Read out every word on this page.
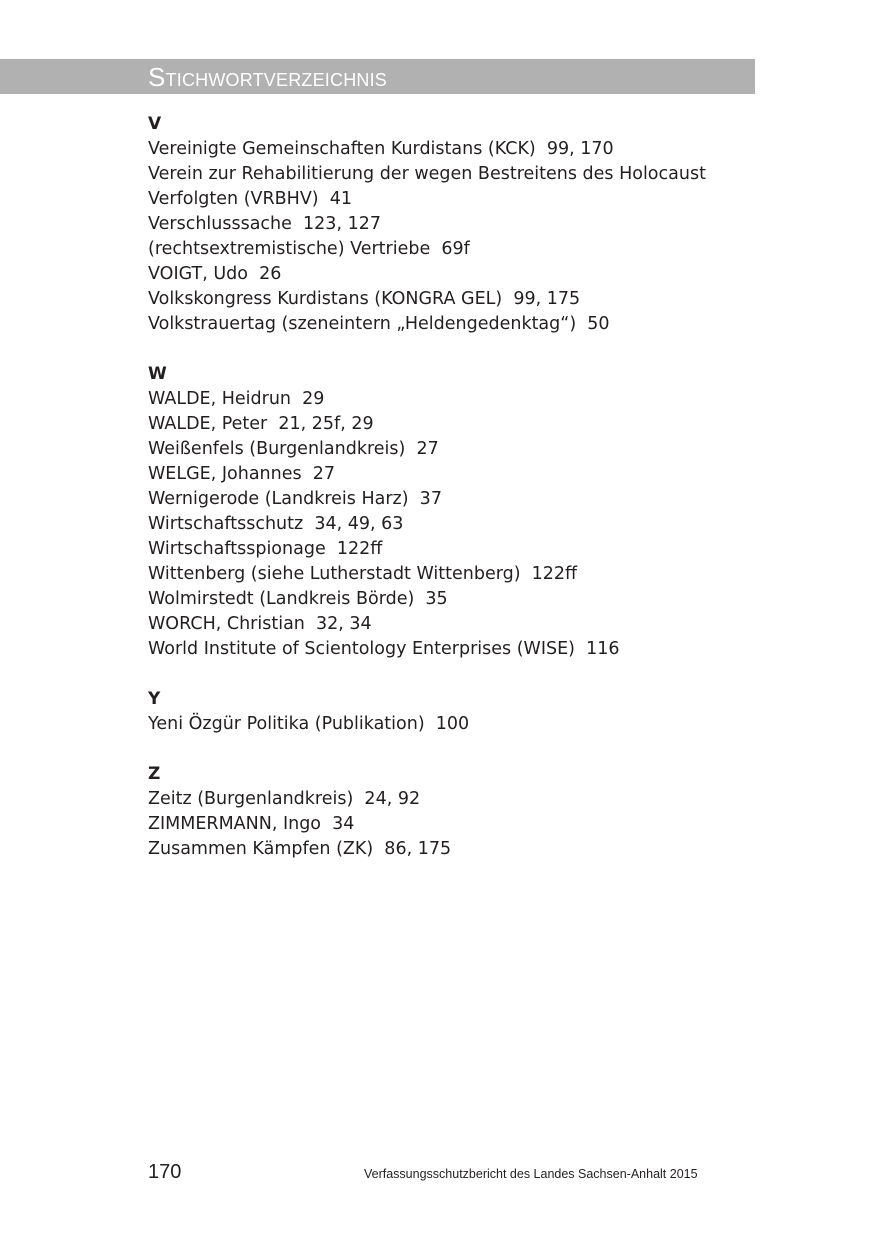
Stichwortverzeichnis
V
Vereinigte Gemeinschaften Kurdistans (KCK)  99, 170
Verein zur Rehabilitierung der wegen Bestreitens des Holocaust
Verfolgten (VRBHV)  41
Verschlusssache  123, 127
(rechtsextremistische) Vertriebe  69f
VOIGT, Udo  26
Volkskongress Kurdistans (KONGRA GEL)  99, 175
Volkstrauertag (szeneintern „Heldengedenktag“)  50
W
WALDE, Heidrun  29
WALDE, Peter  21, 25f, 29
Weißenfels (Burgenlandkreis)  27
WELGE, Johannes  27
Wernigerode (Landkreis Harz)  37
Wirtschaftsschutz  34, 49, 63
Wirtschaftsspionage  122ff
Wittenberg (siehe Lutherstadt Wittenberg)  122ff
Wolmirstedt (Landkreis Börde)  35
WORCH, Christian  32, 34
World Institute of Scientology Enterprises (WISE)  116
Y
Yeni Özgür Politika (Publikation)  100
Z
Zeitz (Burgenlandkreis)  24, 92
ZIMMERMANN, Ingo  34
Zusammen Kämpfen (ZK)  86, 175
170	Verfassungsschutzbericht des Landes Sachsen-Anhalt 2015
